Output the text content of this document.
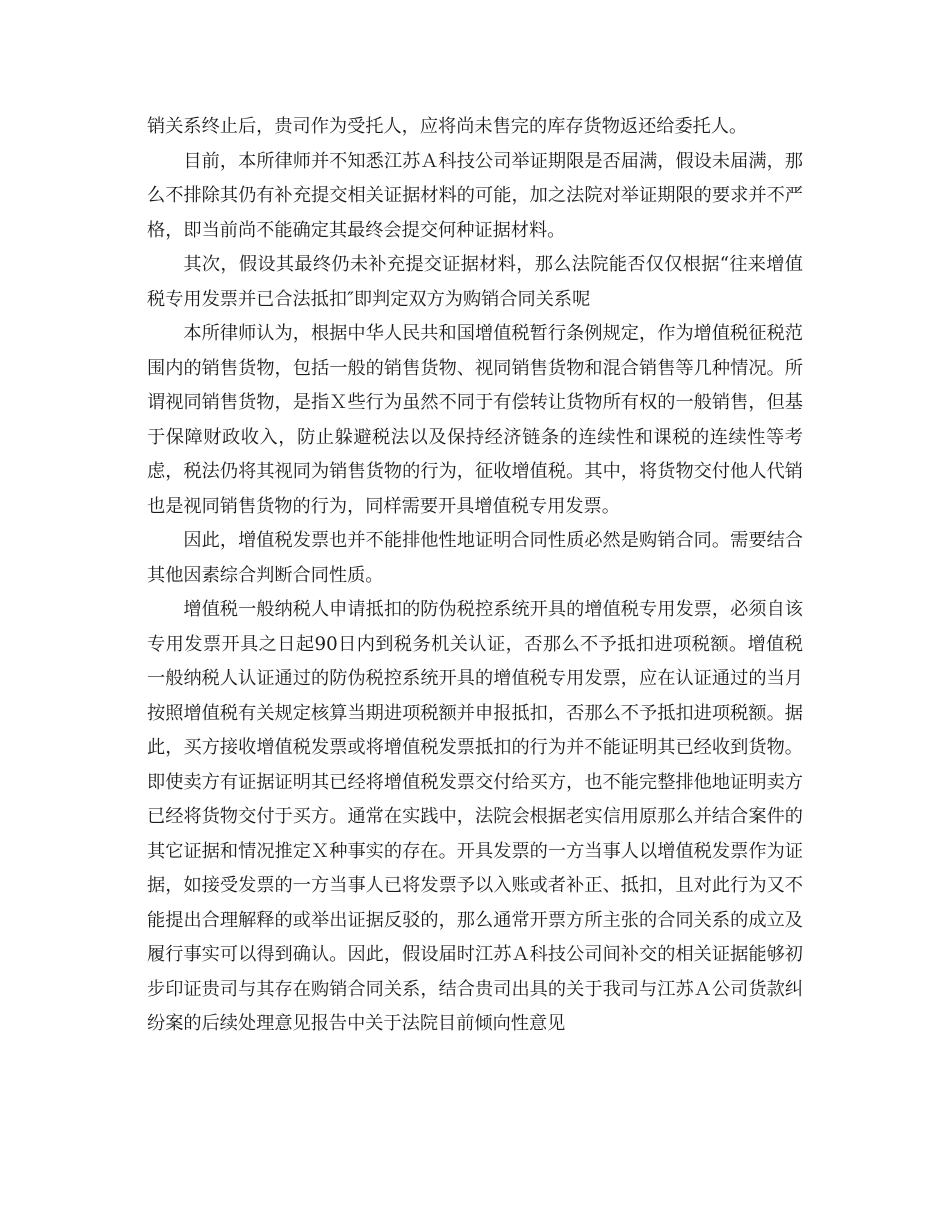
销关系终止后，贵司作为受托人，应将尚未售完的库存货物返还给委托人。

目前，本所律师并不知悉江苏Ａ科技公司举证期限是否届满，假设未届满，那么不排除其仍有补充提交相关证据材料的可能，加之法院对举证期限的要求并不严格，即当前尚不能确定其最终会提交何种证据材料。

其次，假设其最终仍未补充提交证据材料，那么法院能否仅仅根据“往来增值税专用发票并已合法抵扣″即判定双方为购销合同关系呢

本所律师认为，根据中华人民共和国增值税暂行条例规定，作为增值税征税范围内的销售货物，包括一般的销售货物、视同销售货物和混合销售等几种情况。所谓视同销售货物，是指Ｘ些行为虽然不同于有偿转让货物所有权的一般销售，但基于保障财政收入，防止躲避税法以及保持经济链条的连续性和课税的连续性等考虑，税法仍将其视同为销售货物的行为，征收增值税。其中，将货物交付他人代销也是视同销售货物的行为，同样需要开具增值税专用发票。

因此，增值税发票也并不能排他性地证明合同性质必然是购销合同。需要结合其他因素综合判断合同性质。

增值税一般纳税人申请抵扣的防伪税控系统开具的增值税专用发票，必须自该专用发票开具之日起90日内到税务机关认证，否那么不予抵扣进项税额。增值税一般纳税人认证通过的防伪税控系统开具的增值税专用发票，应在认证通过的当月按照增值税有关规定核算当期进项税额并申报抵扣，否那么不予抵扣进项税额。据此，买方接收增值税发票或将增值税发票抵扣的行为并不能证明其已经收到货物。即使卖方有证据证明其已经将增值税发票交付给买方，也不能完整排他地证明卖方已经将货物交付于买方。通常在实践中，法院会根据老实信用原那么并结合案件的其它证据和情况推定Ｘ种事实的存在。开具发票的一方当事人以增值税发票作为证据，如接受发票的一方当事人已将发票予以入账或者补正、抵扣，且对此行为又不能提出合理解释的或举出证据反驳的，那么通常开票方所主张的合同关系的成立及履行事实可以得到确认。因此，假设届时江苏Ａ科技公司间补交的相关证据能够初步印证贵司与其存在购销合同关系，结合贵司出具的关于我司与江苏Ａ公司货款纠纷案的后续处理意见报告中关于法院目前倾向性意见
